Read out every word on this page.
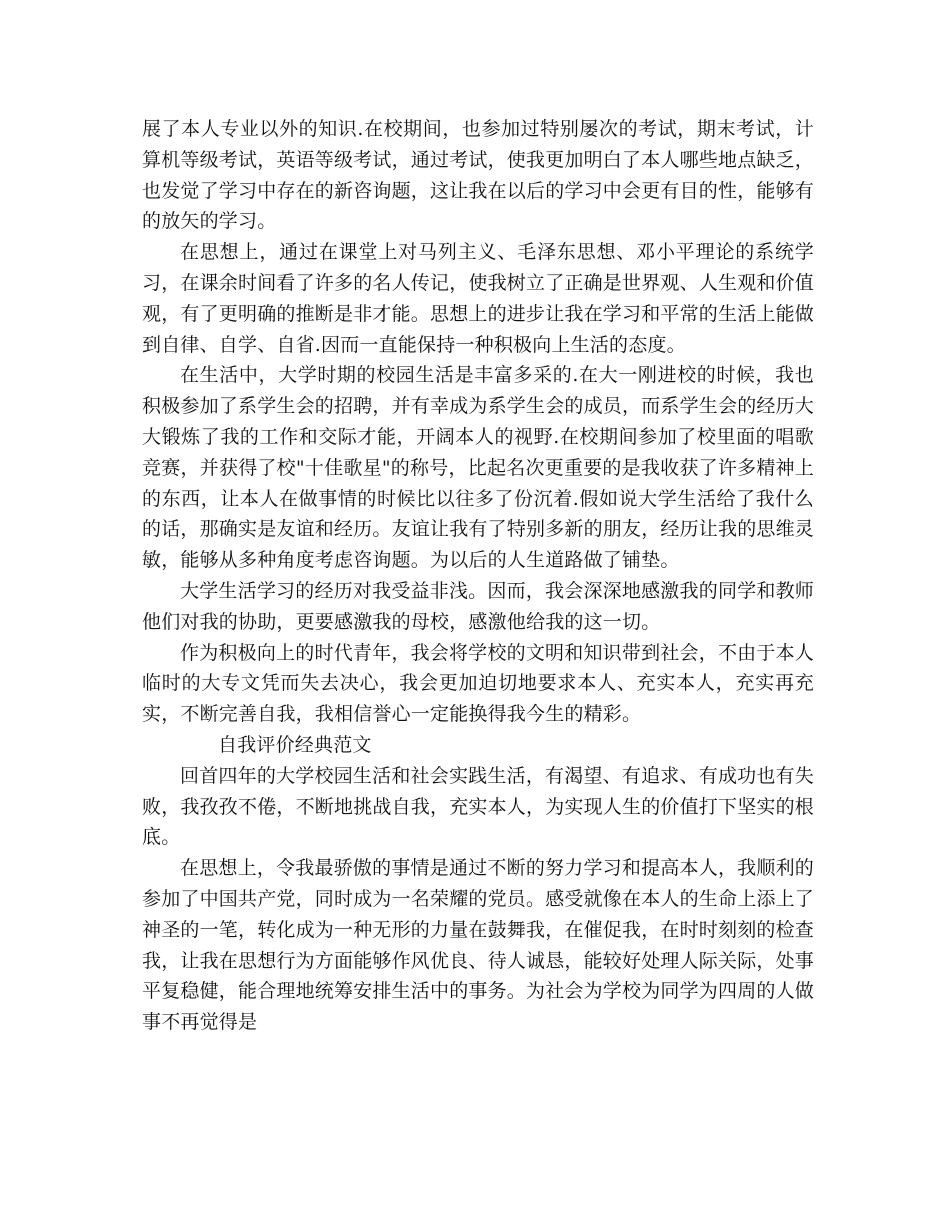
展了本人专业以外的知识.在校期间，也参加过特别屡次的考试，期末考试，计算机等级考试，英语等级考试，通过考试，使我更加明白了本人哪些地点缺乏，也发觉了学习中存在的新咨询题，这让我在以后的学习中会更有目的性，能够有的放矢的学习。

在思想上，通过在课堂上对马列主义、毛泽东思想、邓小平理论的系统学习，在课余时间看了许多的名人传记，使我树立了正确是世界观、人生观和价值观，有了更明确的推断是非才能。思想上的进步让我在学习和平常的生活上能做到自律、自学、自省.因而一直能保持一种积极向上生活的态度。

在生活中，大学时期的校园生活是丰富多采的.在大一刚进校的时候，我也积极参加了系学生会的招聘，并有幸成为系学生会的成员，而系学生会的经历大大锻炼了我的工作和交际才能，开阔本人的视野.在校期间参加了校里面的唱歌竞赛，并获得了校"十佳歌星"的称号，比起名次更重要的是我收获了许多精神上的东西，让本人在做事情的时候比以往多了份沉着.假如说大学生活给了我什么的话，那确实是友谊和经历。友谊让我有了特别多新的朋友，经历让我的思维灵敏，能够从多种角度考虑咨询题。为以后的人生道路做了铺垫。

大学生活学习的经历对我受益非浅。因而，我会深深地感激我的同学和教师他们对我的协助，更要感激我的母校，感激他给我的这一切。

作为积极向上的时代青年，我会将学校的文明和知识带到社会，不由于本人临时的大专文凭而失去决心，我会更加迫切地要求本人、充实本人，充实再充实，不断完善自我，我相信誉心一定能换得我今生的精彩。

自我评价经典范文

回首四年的大学校园生活和社会实践生活，有渴望、有追求、有成功也有失败，我孜孜不倦，不断地挑战自我，充实本人，为实现人生的价值打下坚实的根底。

在思想上，令我最骄傲的事情是通过不断的努力学习和提高本人，我顺利的参加了中国共产党，同时成为一名荣耀的党员。感受就像在本人的生命上添上了神圣的一笔，转化成为一种无形的力量在鼓舞我，在催促我，在时时刻刻的检查我，让我在思想行为方面能够作风优良、待人诚恳，能较好处理人际关际，处事平复稳健，能合理地统筹安排生活中的事务。为社会为学校为同学为四周的人做事不再觉得是
